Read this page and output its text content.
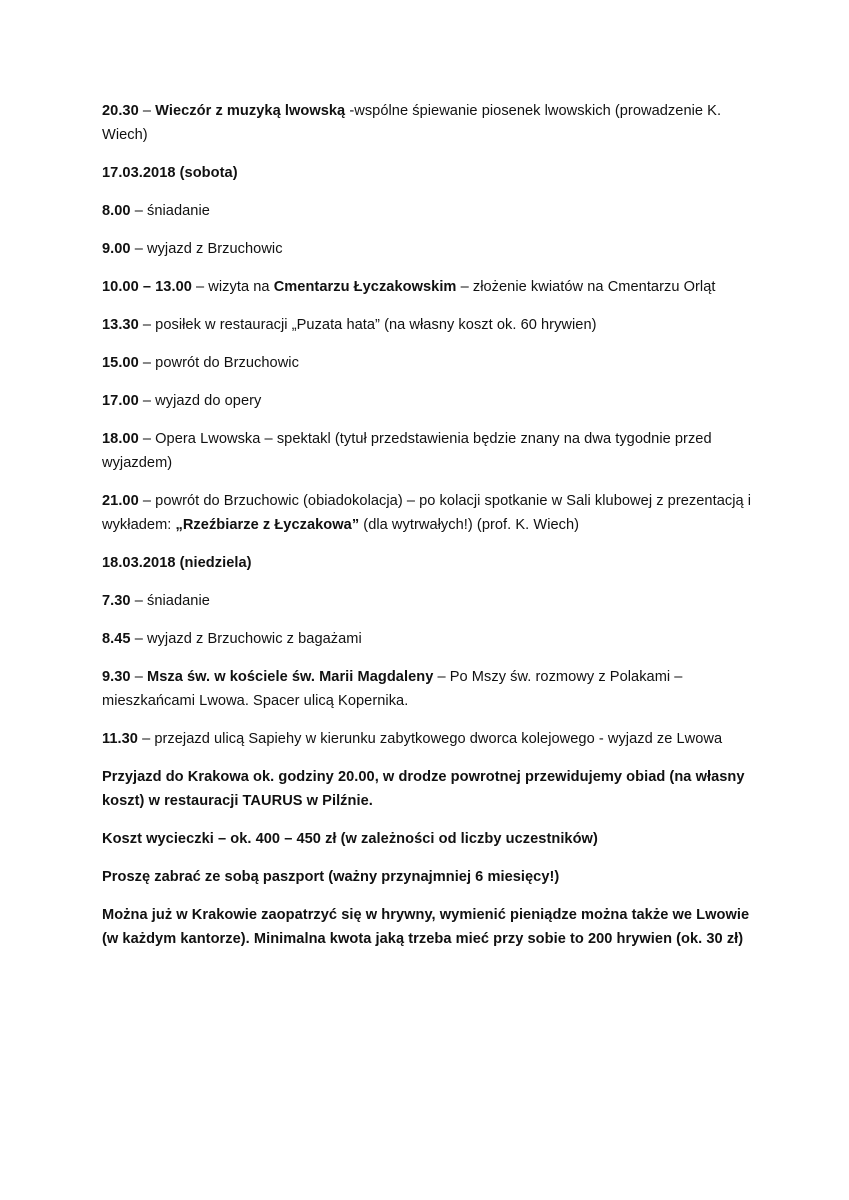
20.30 – Wieczór z muzyką lwowską -wspólne śpiewanie piosenek lwowskich (prowadzenie K. Wiech)

17.03.2018 (sobota)

8.00 – śniadanie

9.00 – wyjazd z Brzuchowic

10.00 – 13.00 – wizyta na Cmentarzu Łyczakowskim – złożenie kwiatów na Cmentarzu Orląt

13.30 – posiłek w restauracji „Puzata hata” (na własny koszt ok. 60 hrywien)

15.00 – powrót do Brzuchowic

17.00 – wyjazd do opery

18.00 – Opera Lwowska – spektakl (tytuł przedstawienia będzie znany na dwa tygodnie przed wyjazdem)

21.00 – powrót do Brzuchowic (obiadokolacja) – po kolacji spotkanie w Sali klubowej z prezentacją i wykładem: „Rzeźbiarze z Łyczakowa” (dla wytrwałych!) (prof. K. Wiech)

18.03.2018 (niedziela)

7.30 – śniadanie

8.45 – wyjazd z Brzuchowic z bagażami

9.30 – Msza św. w kościele św. Marii Magdaleny – Po Mszy św. rozmowy z Polakami – mieszkańcami Lwowa. Spacer ulicą Kopernika.

11.30 – przejazd ulicą Sapiehy w kierunku zabytkowego dworca kolejowego - wyjazd ze Lwowa

Przyjazd do Krakowa ok. godziny 20.00, w drodze powrotnej przewidujemy obiad (na własny koszt) w restauracji TAURUS w Pilźnie.

Koszt wycieczki – ok. 400 – 450 zł (w zależności od liczby uczestników)

Proszę zabrać ze sobą paszport (ważny przynajmniej 6 miesięcy!)

Można już w Krakowie zaopatrzyć się w hrywny, wymienić pieniądze można także we Lwowie (w każdym kantorze). Minimalna kwota jaką trzeba mieć przy sobie to 200 hrywien (ok. 30 zł)
